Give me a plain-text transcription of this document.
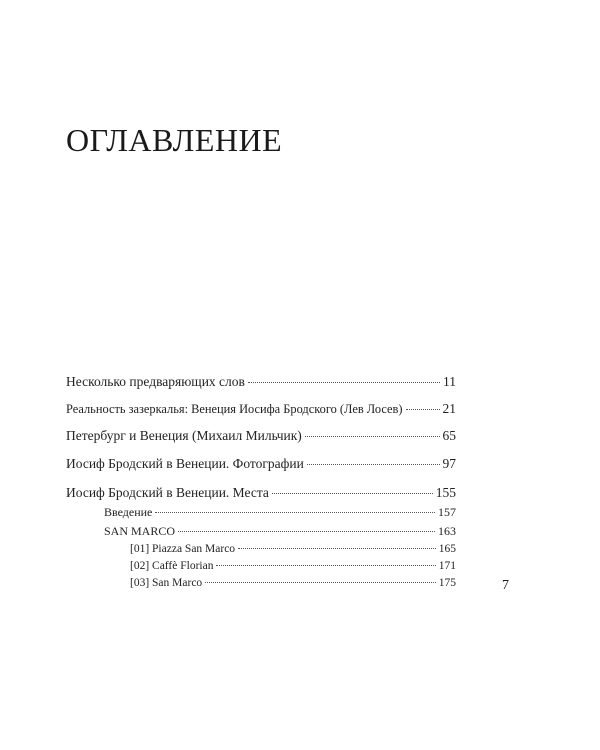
ОГЛАВЛЕНИЕ
Несколько предваряющих слов	11
Реальность зазеркалья: Венеция Иосифа Бродского (Лев Лосев)	21
Петербург и Венеция (Михаил Мильчик)	65
Иосиф Бродский в Венеции. Фотографии	97
Иосиф Бродский в Венеции. Места	155
Введение	157
SAN MARCO	163
[01] Piazza San Marco	165
[02] Caffè Florian	171
[03] San Marco	175	7
